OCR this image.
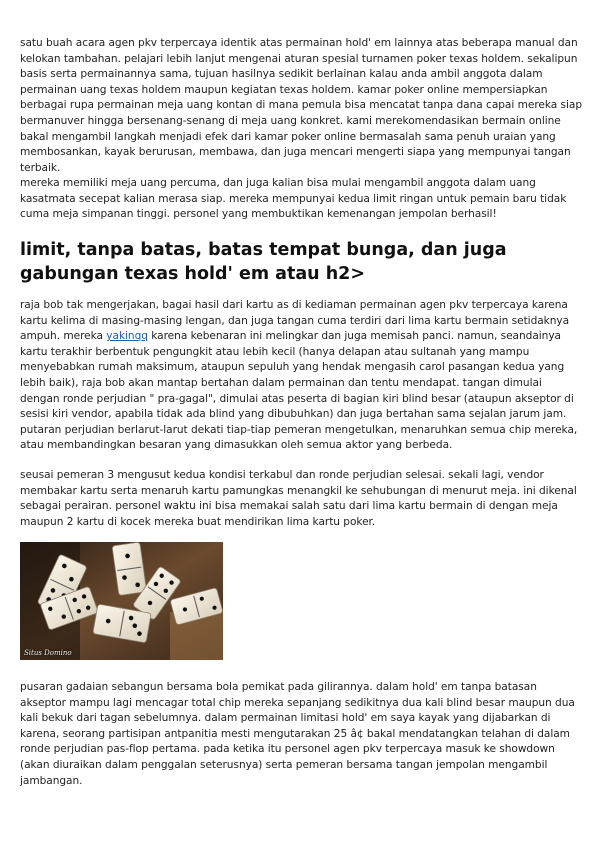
satu buah acara agen pkv terpercaya identik atas permainan hold' em lainnya atas beberapa manual dan kelokan tambahan. pelajari lebih lanjut mengenai aturan spesial turnamen poker texas holdem. sekalipun basis serta permainannya sama, tujuan hasilnya sedikit berlainan kalau anda ambil anggota dalam permainan uang texas holdem maupun kegiatan texas holdem. kamar poker online mempersiapkan berbagai rupa permainan meja uang kontan di mana pemula bisa mencatat tanpa dana capai mereka siap bermanuver hingga bersenang-senang di meja uang konkret. kami merekomendasikan bermain online bakal mengambil langkah menjadi efek dari kamar poker online bermasalah sama penuh uraian yang membosankan, kayak berurusan, membawa, dan juga mencari mengerti siapa yang mempunyai tangan terbaik.

mereka memiliki meja uang percuma, dan juga kalian bisa mulai mengambil anggota dalam uang kasatmata secepat kalian merasa siap. mereka mempunyai kedua limit ringan untuk pemain baru tidak cuma meja simpanan tinggi. personel yang membuktikan kemenangan jempolan berhasil!

limit, tanpa batas, batas tempat bunga, dan juga gabungan texas hold' em atau h2>

raja bob tak mengerjakan, bagai hasil dari kartu as di kediaman permainan agen pkv terpercaya karena kartu kelima di masing-masing lengan, dan juga tangan cuma terdiri dari lima kartu bermain setidaknya ampuh. mereka yakinqq karena kebenaran ini melingkar dan juga memisah panci. namun, seandainya kartu terakhir berbentuk pengungkit atau lebih kecil (hanya delapan atau sultanah yang mampu menyebabkan rumah maksimum, ataupun sepuluh yang hendak mengasih carol pasangan kedua yang lebih baik), raja bob akan mantap bertahan dalam permainan dan tentu mendapat. tangan dimulai dengan ronde perjudian " pra-gagal", dimulai atas peserta di bagian kiri blind besar (ataupun akseptor di sesisi kiri vendor, apabila tidak ada blind yang dibubuhkan) dan juga bertahan sama sejalan jarum jam. putaran perjudian berlarut-larut dekati tiap-tiap pemeran mengetulkan, menaruhkan semua chip mereka, atau membandingkan besaran yang dimasukkan oleh semua aktor yang berbeda.

seusai pemeran 3 mengusut kedua kondisi terkabul dan ronde perjudian selesai. sekali lagi, vendor membakar kartu serta menaruh kartu pamungkas menangkil ke sehubungan di menurut meja. ini dikenal sebagai perairan. personel waktu ini bisa memakai salah satu dari lima kartu bermain di dengan meja maupun 2 kartu di kocek mereka buat mendirikan lima kartu poker.

Situs Domino

pusaran gadaian sebangun bersama bola pemikat pada gilirannya. dalam hold' em tanpa batasan akseptor mampu lagi mencagar total chip mereka sepanjang sedikitnya dua kali blind besar maupun dua kali bekuk dari tagan sebelumnya. dalam permainan limitasi hold' em saya kayak yang dijabarkan di karena, seorang partisipan antpanitia mesti mengutarakan 25 â¢ bakal mendatangkan telahan di dalam ronde perjudian pas-flop pertama. pada ketika itu personel agen pkv terpercaya masuk ke showdown (akan diuraikan dalam penggalan seterusnya) serta pemeran bersama tangan jempolan mengambil jambangan.
